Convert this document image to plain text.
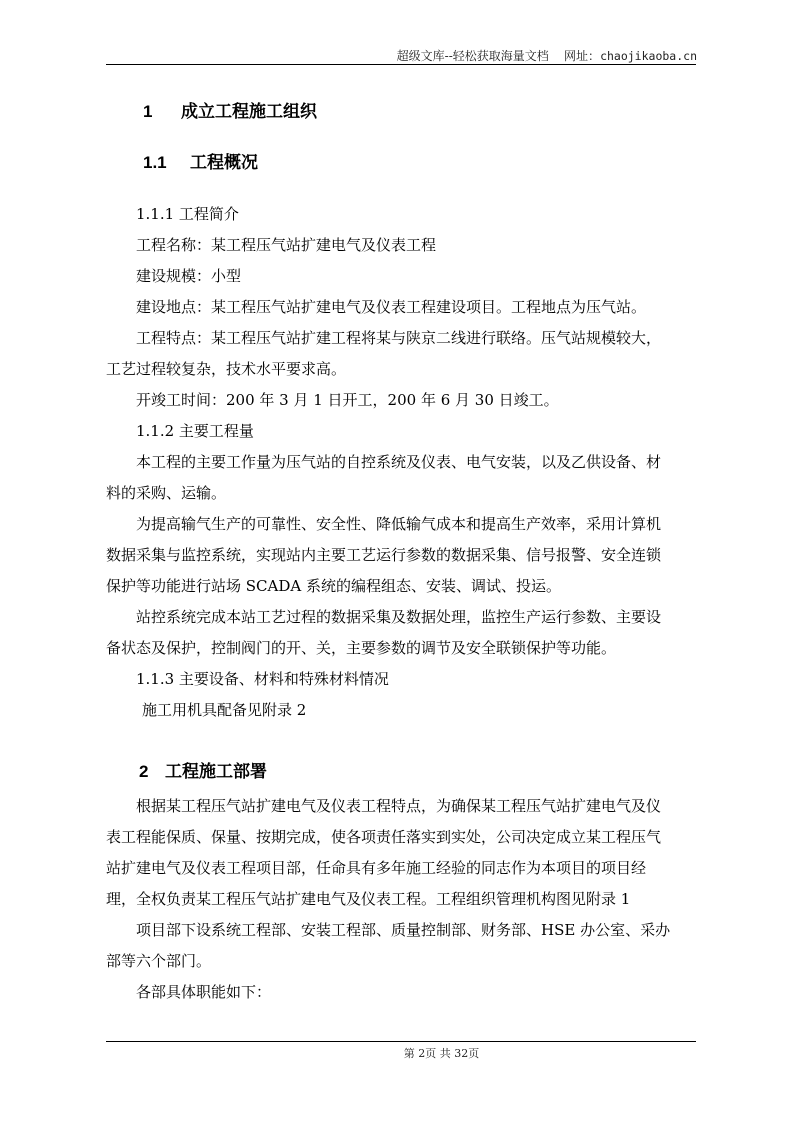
超级文库--轻松获取海量文档 网址：chaojikaoba.cn
1 成立工程施工组织
1.1 工程概况
1.1.1 工程简介
工程名称：某工程压气站扩建电气及仪表工程
建设规模：小型
建设地点：某工程压气站扩建电气及仪表工程建设项目。工程地点为压气站。
工程特点：某工程压气站扩建工程将某与陕京二线进行联络。压气站规模较大，
工艺过程较复杂，技术水平要求高。
开竣工时间：200 年 3 月 1 日开工，200 年 6 月 30 日竣工。
1.1.2 主要工程量
本工程的主要工作量为压气站的自控系统及仪表、电气安装，以及乙供设备、材
料的采购、运输。
为提高输气生产的可靠性、安全性、降低输气成本和提高生产效率，采用计算机
数据采集与监控系统，实现站内主要工艺运行参数的数据采集、信号报警、安全连锁
保护等功能进行站场 SCADA 系统的编程组态、安装、调试、投运。
站控系统完成本站工艺过程的数据采集及数据处理，监控生产运行参数、主要设
备状态及保护，控制阀门的开、关，主要参数的调节及安全联锁保护等功能。
1.1.3 主要设备、材料和特殊材料情况
施工用机具配备见附录 2
2 工程施工部署
根据某工程压气站扩建电气及仪表工程特点，为确保某工程压气站扩建电气及仪
表工程能保质、保量、按期完成，使各项责任落实到实处，公司决定成立某工程压气
站扩建电气及仪表工程项目部，任命具有多年施工经验的同志作为本项目的项目经
理，全权负责某工程压气站扩建电气及仪表工程。工程组织管理机构图见附录 1
项目部下设系统工程部、安装工程部、质量控制部、财务部、HSE 办公室、采办
部等六个部门。
各部具体职能如下：
第 2页 共 32页
